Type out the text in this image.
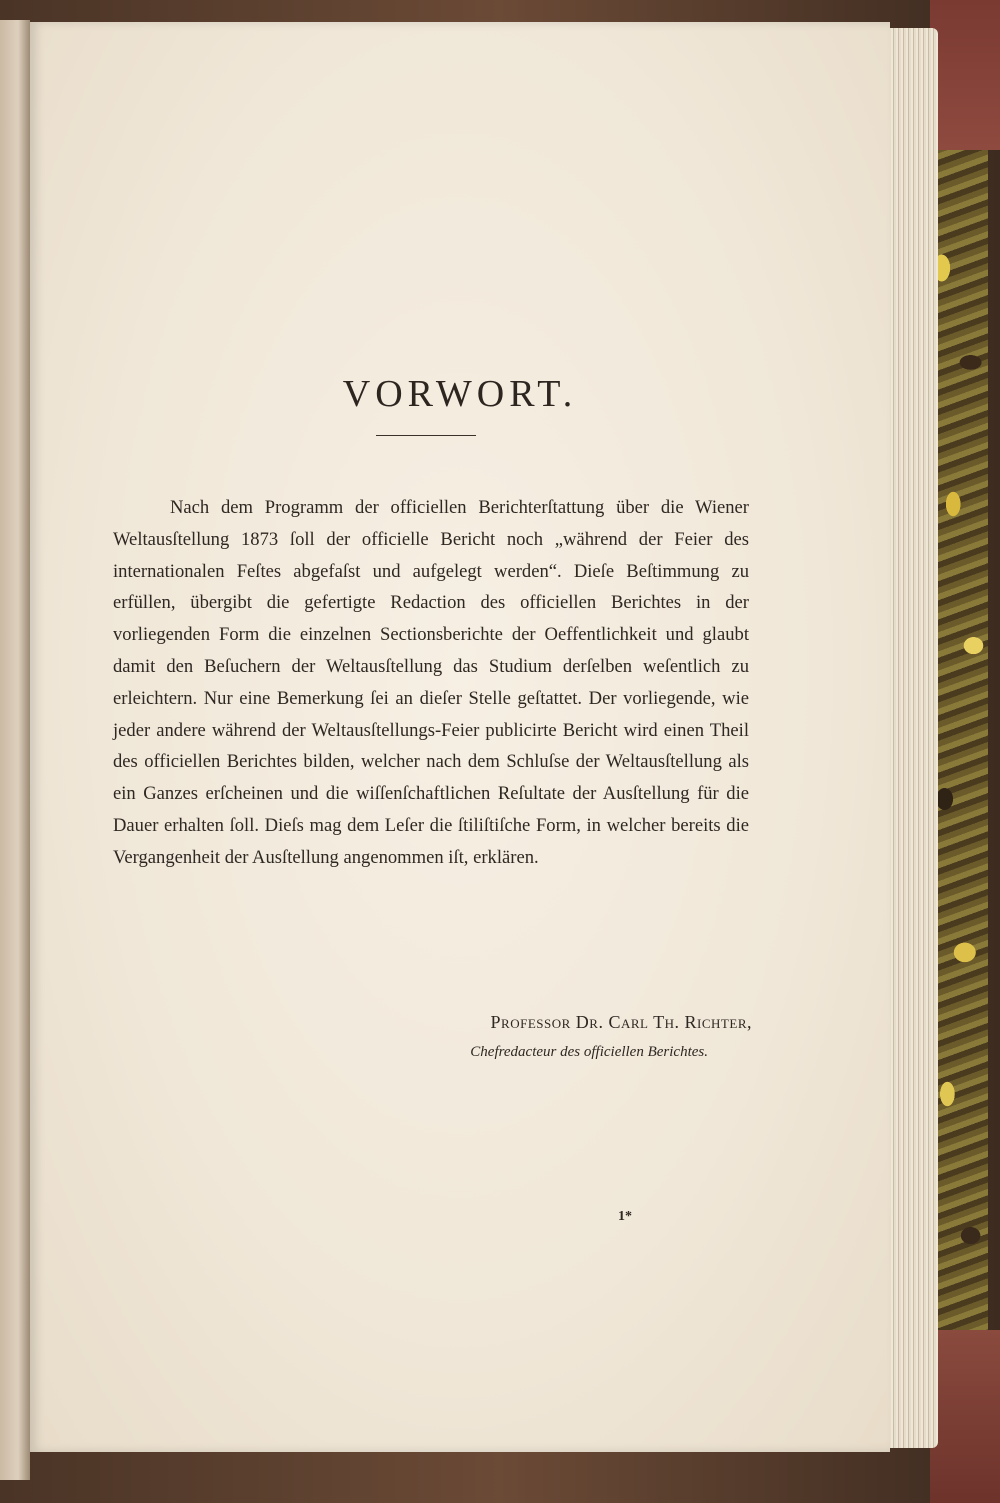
VORWORT.

Nach dem Programm der officiellen Berichterſtattung über die Wiener Weltausſtellung 1873 ſoll der officielle Bericht noch „während der Feier des internationalen Feſtes abgefaſst und aufgelegt werden“. Dieſe Beſtimmung zu erfüllen, übergibt die gefertigte Redaction des officiellen Berichtes in der vorliegenden Form die einzelnen Sectionsberichte der Oeffentlichkeit und glaubt damit den Beſuchern der Weltausſtellung das Studium derſelben weſentlich zu erleichtern. Nur eine Bemerkung ſei an dieſer Stelle geſtattet. Der vorliegende, wie jeder andere während der Weltausſtellungs-Feier publicirte Bericht wird einen Theil des officiellen Berichtes bilden, welcher nach dem Schluſse der Weltausſtellung als ein Ganzes erſcheinen und die wiſſenſchaftlichen Reſultate der Ausſtellung für die Dauer erhalten ſoll. Dieſs mag dem Leſer die ſtiliſtiſche Form, in welcher bereits die Vergangenheit der Ausſtellung angenommen iſt, erklären.

Professor Dr. Carl Th. Richter,
Chefredacteur des officiellen Berichtes.
1*
